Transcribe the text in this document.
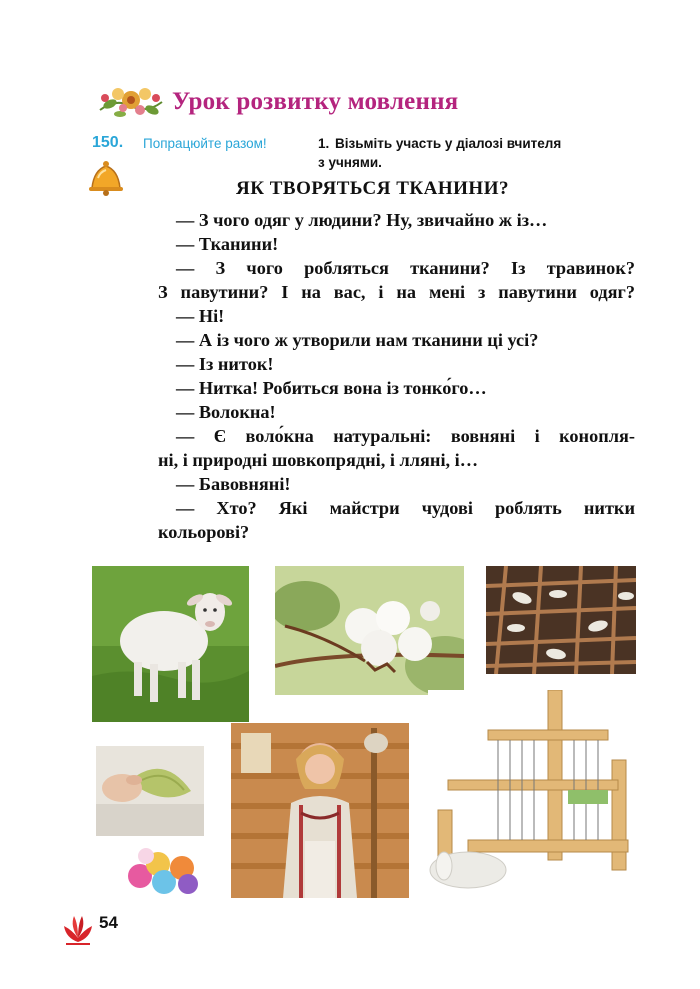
Урок розвитку мовлення
150. Попрацюйте разом!	1. Візьміть участь у діалозі вчителя
з учнями.
ЯК ТВОРЯТЬСЯ ТКАНИНИ?
— З чого одяг у людини? Ну, звичайно ж із…
— Тканини!
— З чого робляться тканини? Із травинок?
З павутини? І на вас, і на мені з павутини одяг?
— Ні!
— А із чого ж утворили нам тканини ці усі?
— Із ниток!
— Нитка! Робиться вона із тонко́го…
— Волокна!
— Є воло́кна натуральні: вовняні і конопля-
ні, і природні шовкопрядні, і лляні, і…
— Бавовняні!
— Хто? Які майстри чудові роблять нитки
кольорові?
54
